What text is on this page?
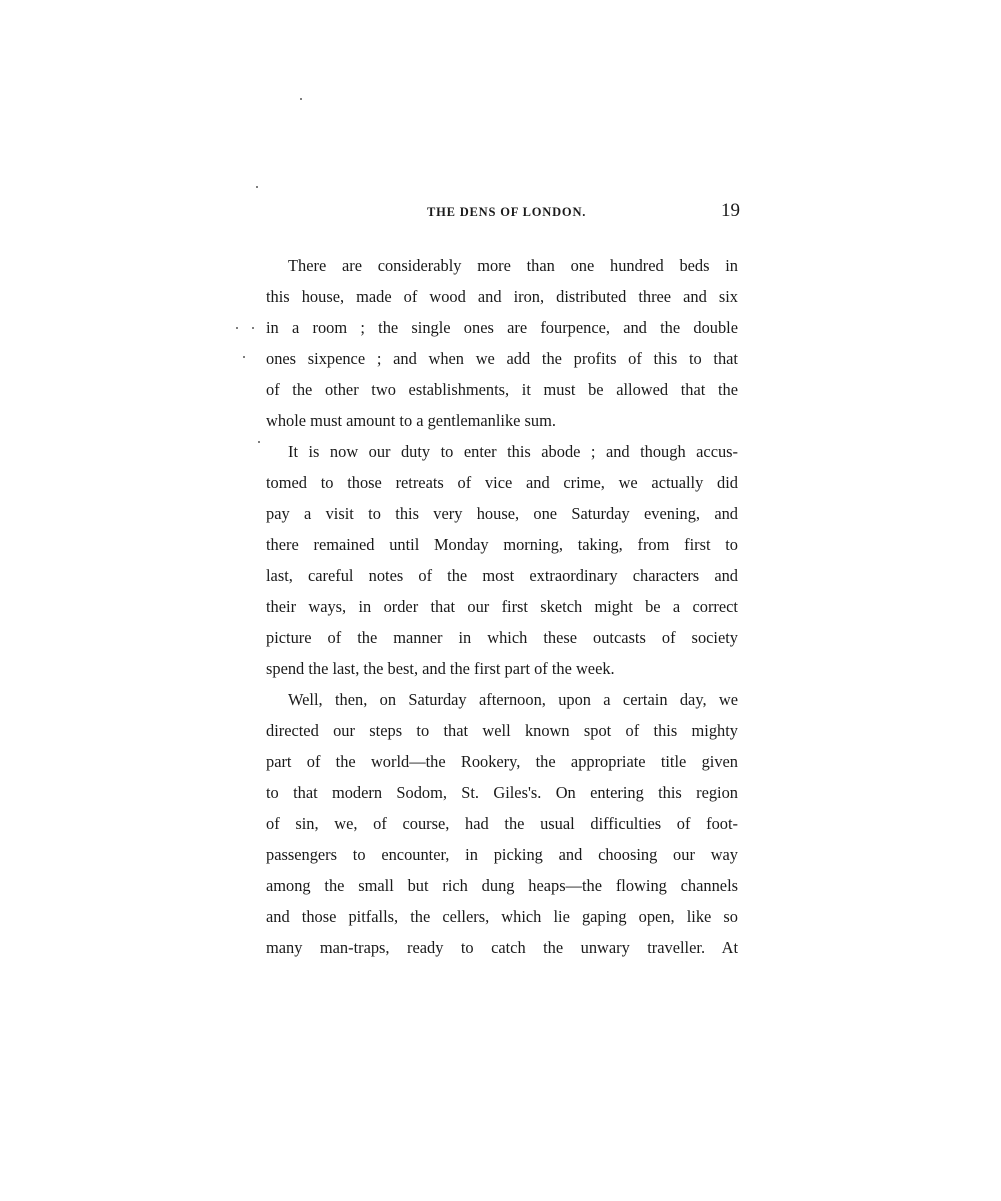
THE DENS OF LONDON.	19
There are considerably more than one hundred beds in
this house, made of wood and iron, distributed three and six
in a room ; the single ones are fourpence, and the double
ones sixpence ; and when we add the profits of this to that
of the other two establishments, it must be allowed that the
whole must amount to a gentlemanlike sum.
It is now our duty to enter this abode ; and though accus-
tomed to those retreats of vice and crime, we actually did
pay a visit to this very house, one Saturday evening, and
there remained until Monday morning, taking, from first to
last, careful notes of the most extraordinary characters and
their ways, in order that our first sketch might be a correct
picture of the manner in which these outcasts of society
spend the last, the best, and the first part of the week.
Well, then, on Saturday afternoon, upon a certain day, we
directed our steps to that well known spot of this mighty
part of the world—the Rookery, the appropriate title given
to that modern Sodom, St. Giles's. On entering this region
of sin, we, of course, had the usual difficulties of foot-
passengers to encounter, in picking and choosing our way
among the small but rich dung heaps—the flowing channels
and those pitfalls, the cellers, which lie gaping open, like so
many man-traps, ready to catch the unwary traveller. At
